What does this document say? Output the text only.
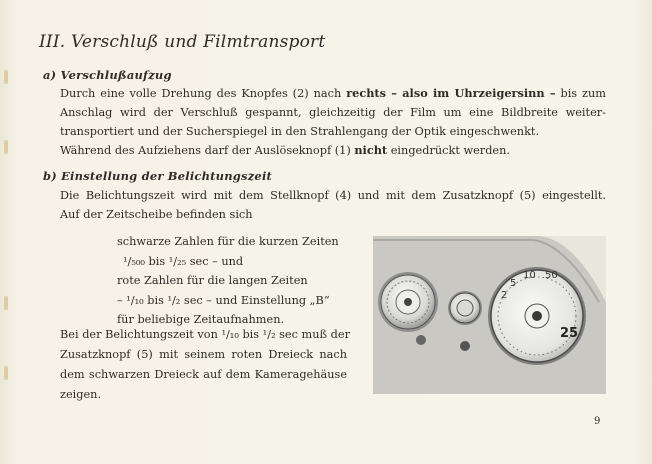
III. Verschluß und Filmtransport
a) Verschlußaufzug

Durch eine volle Drehung des Knopfes (2) nach rechts – also im Uhrzeigersinn – bis zum
Anschlag wird der Verschluß gespannt, gleichzeitig der Film um eine Bildbreite weiter-
transportiert und der Sucherspiegel in den Strahlengang der Optik eingeschwenkt.
Während des Aufziehens darf der Auslöseknopf (1) nicht eingedrückt werden.

b) Einstellung der Belichtungszeit

Die Belichtungszeit wird mit dem Stellknopf (4) und mit dem Zusatzknopf (5) eingestellt.
Auf der Zeitscheibe befinden sich

schwarze Zahlen für die kurzen Zeiten
¹/₅₀₀ bis ¹/₂₅ sec – und
rote Zahlen für die langen Zeiten
– ¹/₁₀ bis ¹/₂ sec – und Einstellung „B“
für beliebige Zeitaufnahmen.

Bei der Belichtungszeit von ¹/₁₀ bis ¹/₂ sec muß der
Zusatzknopf (5) mit seinem roten Dreieck nach
dem schwarzen Dreieck auf dem Kameragehäuse
zeigen.

2
5
10 50
25
9
